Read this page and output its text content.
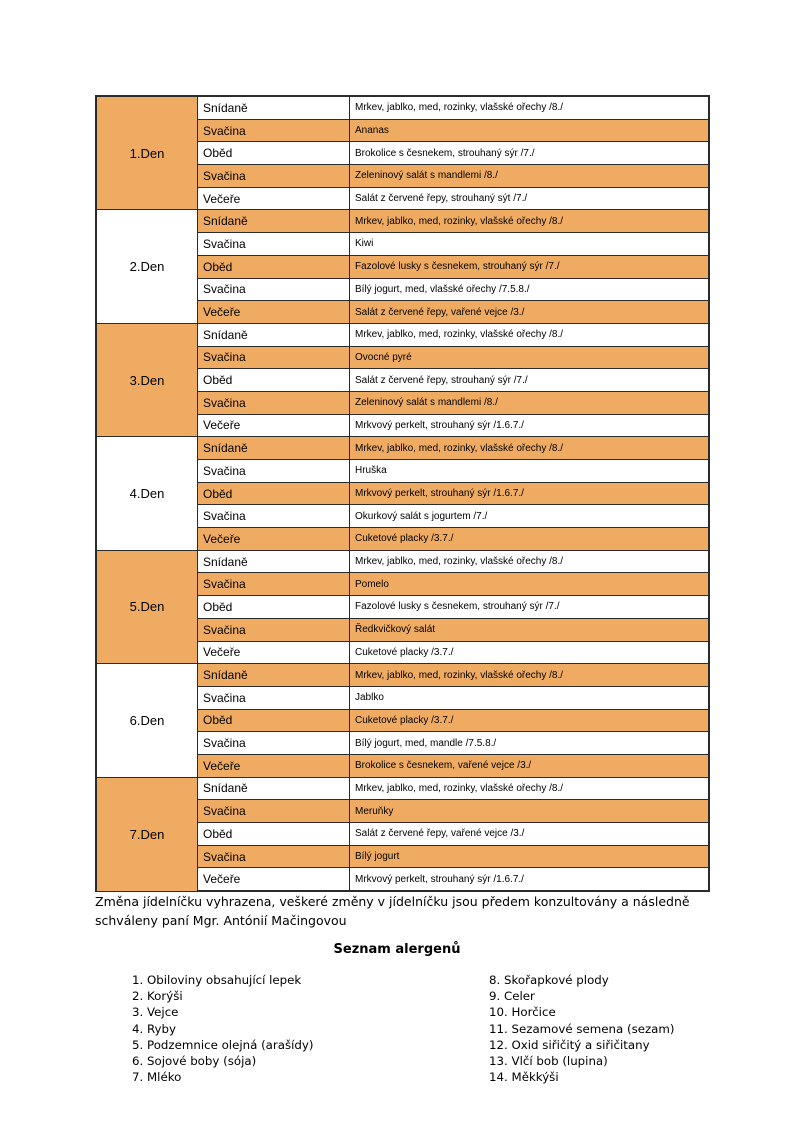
1.Den	Snídaně	Mrkev, jablko, med, rozinky, vlašské ořechy /8./
	Svačina	Ananas
	Oběd	Brokolice s česnekem, strouhaný sýr /7./
	Svačina	Zeleninový salát s mandlemi /8./
	Večeře	Salát z červené řepy, strouhaný sýt /7./
2.Den	Snídaně	Mrkev, jablko, med, rozinky, vlašské ořechy /8./
	Svačina	Kiwi
	Oběd	Fazolové lusky s česnekem, strouhaný sýr /7./
	Svačina	Bílý jogurt, med, vlašské ořechy /7.5.8./
	Večeře	Salát z červené řepy, vařené vejce /3./
3.Den	Snídaně	Mrkev, jablko, med, rozinky, vlašské ořechy /8./
	Svačina	Ovocné pyré
	Oběd	Salát z červené řepy, strouhaný sýr /7./
	Svačina	Zeleninový salát s mandlemi /8./
	Večeře	Mrkvový perkelt, strouhaný sýr /1.6.7./
4.Den	Snídaně	Mrkev, jablko, med, rozinky, vlašské ořechy /8./
	Svačina	Hruška
	Oběd	Mrkvový perkelt, strouhaný sýr /1.6.7./
	Svačina	Okurkový salát s jogurtem /7./
	Večeře	Cuketové placky /3.7./
5.Den	Snídaně	Mrkev, jablko, med, rozinky, vlašské ořechy /8./
	Svačina	Pomelo
	Oběd	Fazolové lusky s česnekem, strouhaný sýr /7./
	Svačina	Ředkvičkový salát
	Večeře	Cuketové placky /3.7./
6.Den	Snídaně	Mrkev, jablko, med, rozinky, vlašské ořechy /8./
	Svačina	Jablko
	Oběd	Cuketové placky /3.7./
	Svačina	Bílý jogurt, med, mandle /7.5.8./
	Večeře	Brokolice s česnekem, vařené vejce /3./
7.Den	Snídaně	Mrkev, jablko, med, rozinky, vlašské ořechy /8./
	Svačina	Meruňky
	Oběd	Salát z červené řepy, vařené vejce /3./
	Svačina	Bílý jogurt
	Večeře	Mrkvový perkelt, strouhaný sýr /1.6.7./
Změna jídelníčku vyhrazena, veškeré změny v jídelníčku jsou předem konzultovány a následně schváleny paní Mgr. Antónií Mačingovou
Seznam alergenů
1. Obiloviny obsahující lepek
2. Korýši
3. Vejce
4. Ryby
5. Podzemnice olejná (arašídy)
6. Sojové boby (sója)
7. Mléko
8. Skořapkové plody
9. Celer
10. Horčice
11. Sezamové semena (sezam)
12. Oxid siřičitý a siřičitany
13. Vlčí bob (lupina)
14. Měkkýši
